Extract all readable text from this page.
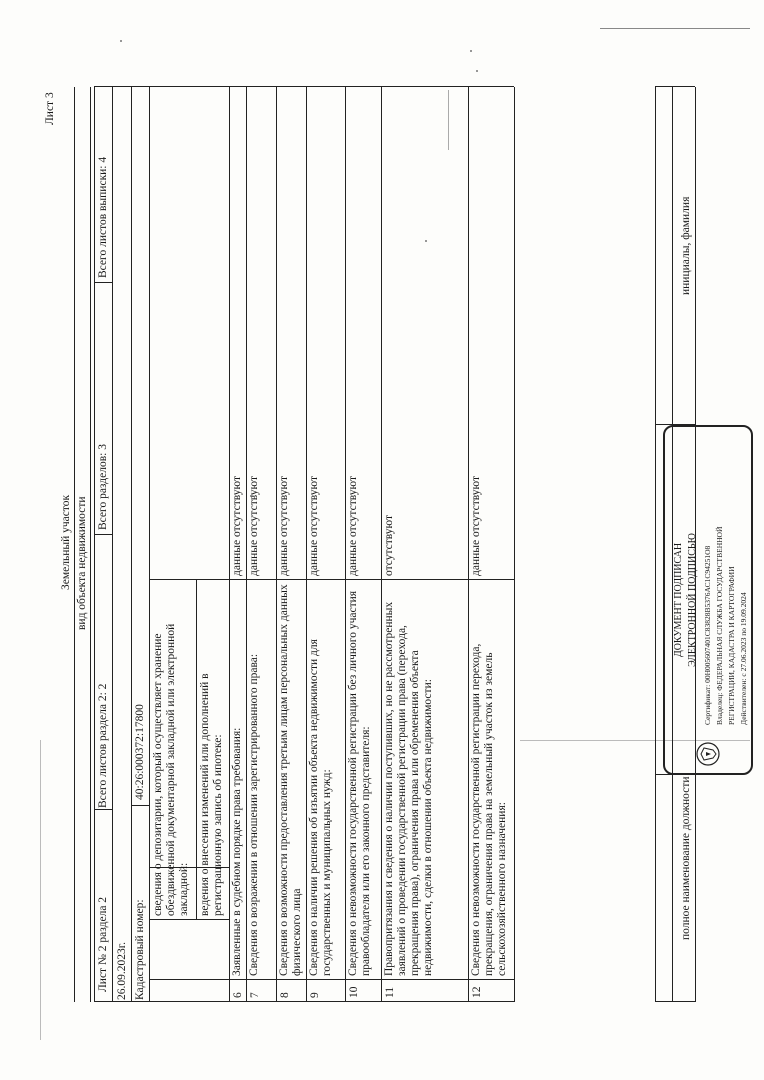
Лист 3
Земельный участок вид объекта недвижимости
Лист № 2 раздела 2
Всего листов раздела 2: 2
Всего разделов: 3
Всего листов выписки: 4
26.09.2023г. Кадастровый номер:
40:26:000372:17800 сведения о депозитарии, который осуществляет хранение обездвиженной документарной закладной или электронной закладной: ведения о внесении изменений или дополнений в регистрационную запись об ипотеке:
6
Заявленные в судебном порядке права требования:
данные отсутствуют
7
Сведения о возражении в отношении зарегистрированного права:
данные отсутствуют
8
Сведения о возможности предоставления третьим лицам персональных данных физического лица
данные отсутствуют
9
Сведения о наличии решения об изъятии объекта недвижимости для государственных и муниципальных нужд:
данные отсутствуют
10
Сведения о невозможности государственной регистрации без личного участия правообладателя или его законного представителя:
данные отсутствуют
11
Правопритязания и сведения о наличии поступивших, но не рассмотренных заявлений о проведении государственной регистрации права (перехода, прекращения права), ограничения права или обременения объекта недвижимости, сделки в отношении объекта недвижимости:
отсутствуют
12
Сведения о невозможности государственной регистрации перехода, прекращения, ограничения права на земельный участок из земель сельскохозяйственного назначения:
данные отсутствуют
полное наименование должности
инициалы, фамилия
ДОКУМЕНТ ПОДПИСАН ЭЛЕКТРОННОЙ ПОДПИСЬЮ Сертификат: 00H005607401C83828B5376АС1С94251О8 Владелец: ФЕДЕРАЛЬНАЯ СЛУЖБА ГОСУДАРСТВЕННОЙ РЕГИСТРАЦИИ, КАДАСТРА И КАРТОГРАФИИ Действителен: с 27.06.2023 по 19.09.2024
